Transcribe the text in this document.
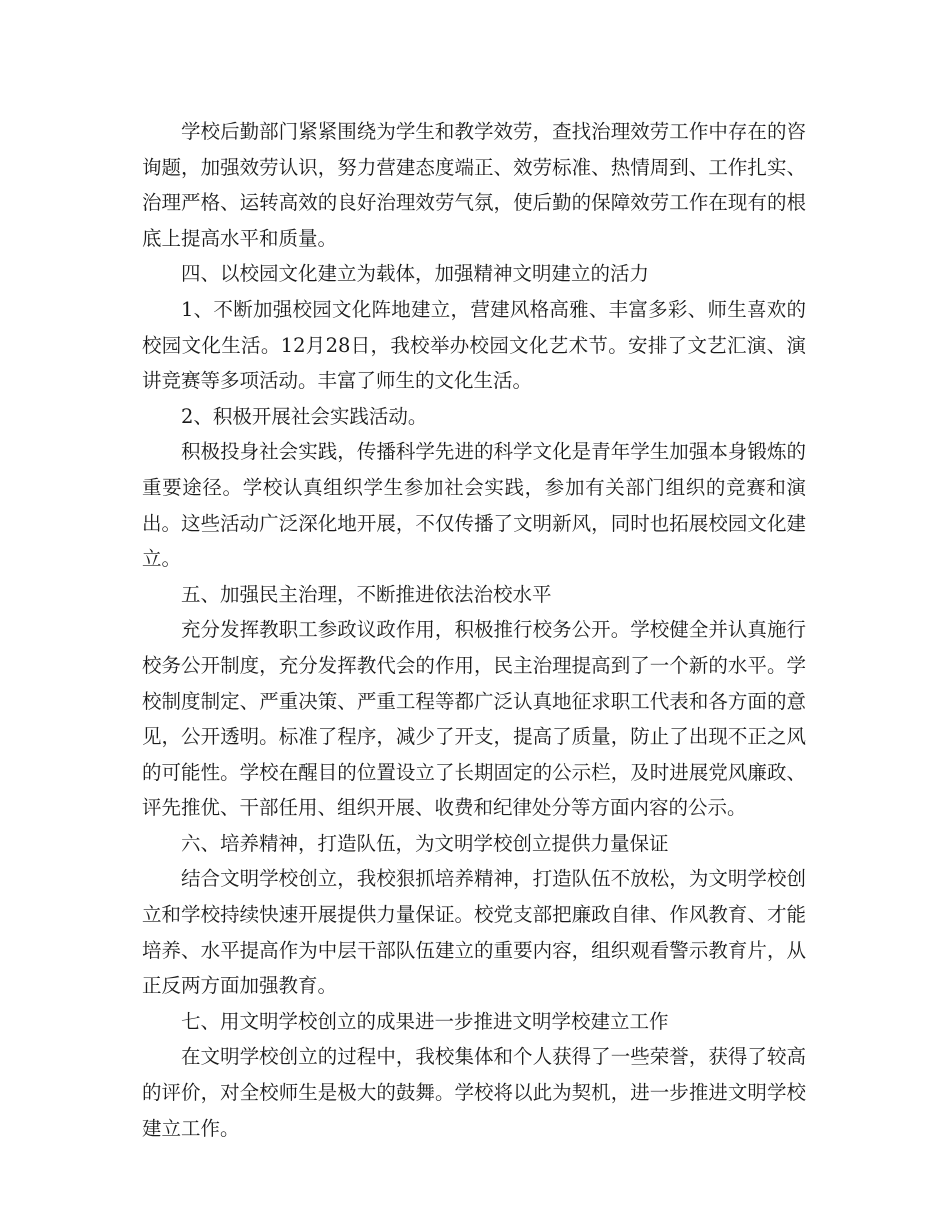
学校后勤部门紧紧围绕为学生和教学效劳，查找治理效劳工作中存在的咨询题，加强效劳认识，努力营建态度端正、效劳标准、热情周到、工作扎实、治理严格、运转高效的良好治理效劳气氛，使后勤的保障效劳工作在现有的根底上提高水平和质量。

四、以校园文化建立为载体，加强精神文明建立的活力

1、不断加强校园文化阵地建立，营建风格高雅、丰富多彩、师生喜欢的校园文化生活。12月28日，我校举办校园文化艺术节。安排了文艺汇演、演讲竞赛等多项活动。丰富了师生的文化生活。

2、积极开展社会实践活动。

积极投身社会实践，传播科学先进的科学文化是青年学生加强本身锻炼的重要途径。学校认真组织学生参加社会实践，参加有关部门组织的竞赛和演出。这些活动广泛深化地开展，不仅传播了文明新风，同时也拓展校园文化建立。

五、加强民主治理，不断推进依法治校水平

充分发挥教职工参政议政作用，积极推行校务公开。学校健全并认真施行校务公开制度，充分发挥教代会的作用，民主治理提高到了一个新的水平。学校制度制定、严重决策、严重工程等都广泛认真地征求职工代表和各方面的意见，公开透明。标准了程序，减少了开支，提高了质量，防止了出现不正之风的可能性。学校在醒目的位置设立了长期固定的公示栏，及时进展党风廉政、评先推优、干部任用、组织开展、收费和纪律处分等方面内容的公示。

六、培养精神，打造队伍，为文明学校创立提供力量保证

结合文明学校创立，我校狠抓培养精神，打造队伍不放松，为文明学校创立和学校持续快速开展提供力量保证。校党支部把廉政自律、作风教育、才能培养、水平提高作为中层干部队伍建立的重要内容，组织观看警示教育片，从正反两方面加强教育。

七、用文明学校创立的成果进一步推进文明学校建立工作

在文明学校创立的过程中，我校集体和个人获得了一些荣誉，获得了较高的评价，对全校师生是极大的鼓舞。学校将以此为契机，进一步推进文明学校建立工作。
